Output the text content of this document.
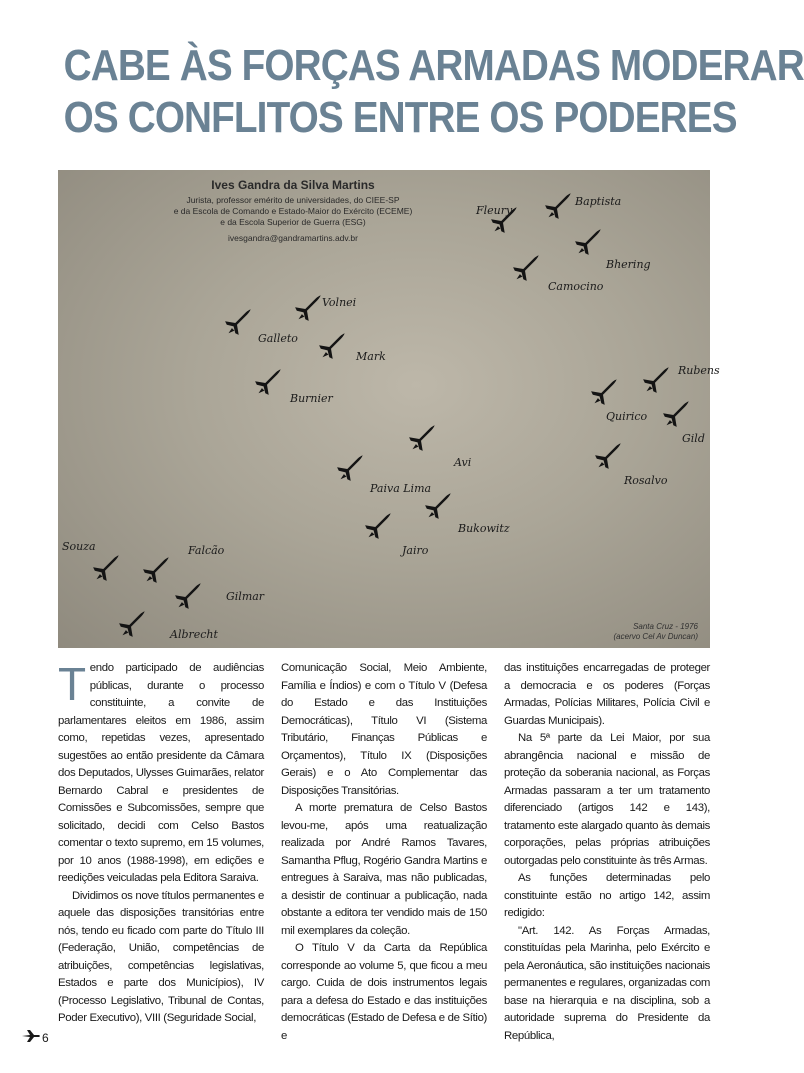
CABE ÀS FORÇAS ARMADAS MODERAR
OS CONFLITOS ENTRE OS PODERES
Ives Gandra da Silva Martins
Jurista, professor emérito de universidades, do CIEE-SP
e da Escola de Comando e Estado-Maior do Exército (ECEME)
e da Escola Superior de Guerra (ESG)
ivesgandra@gandramartins.adv.br
Fleury
Baptista
Bhering
Camocino
Volnei
Galleto
Mark
Burnier
Rubens
Quirico
Gild
Rosalvo
Avi
Paiva Lima
Bukowitz
Jairo
Souza	Falcão
Gilmar
Albrecht
Santa Cruz - 1976
(acervo Cel Av Duncan)

Tendo participado de audiências públicas, durante o processo constituinte, a convite de parlamentares eleitos em 1986, assim como, repetidas vezes, apresentado sugestões ao então presidente da Câmara dos Deputados, Ulysses Guimarães, relator Bernardo Cabral e presidentes de Comissões e Subcomissões, sempre que solicitado, decidi com Celso Bastos comentar o texto supremo, em 15 volumes, por 10 anos (1988-1998), em edições e reedições veiculadas pela Editora Saraiva.

Dividimos os nove títulos permanentes e aquele das disposições transitórias entre nós, tendo eu ficado com parte do Título III (Federação, União, competências de atribuições, competências legislativas, Estados e parte dos Municípios), IV (Processo Legislativo, Tribunal de Contas, Poder Executivo), VIII (Seguridade Social,

Comunicação Social, Meio Ambiente, Família e Índios) e com o Título V (Defesa do Estado e das Instituições Democráticas), Título VI (Sistema Tributário, Finanças Públicas e Orçamentos), Título IX (Disposições Gerais) e o Ato Complementar das Disposições Transitórias.

A morte prematura de Celso Bastos levou-me, após uma reatualização realizada por André Ramos Tavares, Samantha Pflug, Rogério Gandra Martins e entregues à Saraiva, mas não publicadas, a desistir de continuar a publicação, nada obstante a editora ter vendido mais de 150 mil exemplares da coleção.

O Título V da Carta da República corresponde ao volume 5, que ficou a meu cargo. Cuida de dois instrumentos legais para a defesa do Estado e das instituições democráticas (Estado de Defesa e de Sítio) e

das instituições encarregadas de proteger a democracia e os poderes (Forças Armadas, Polícias Militares, Polícia Civil e Guardas Municipais).

Na 5ª parte da Lei Maior, por sua abrangência nacional e missão de proteção da soberania nacional, as Forças Armadas passaram a ter um tratamento diferenciado (artigos 142 e 143), tratamento este alargado quanto às demais corporações, pelas próprias atribuições outorgadas pelo constituinte às três Armas.

As funções determinadas pelo constituinte estão no artigo 142, assim redigido:

"Art. 142. As Forças Armadas, constituídas pela Marinha, pelo Exército e pela Aeronáutica, são instituições nacionais permanentes e regulares, organizadas com base na hierarquia e na disciplina, sob a autoridade suprema do Presidente da República,

6
